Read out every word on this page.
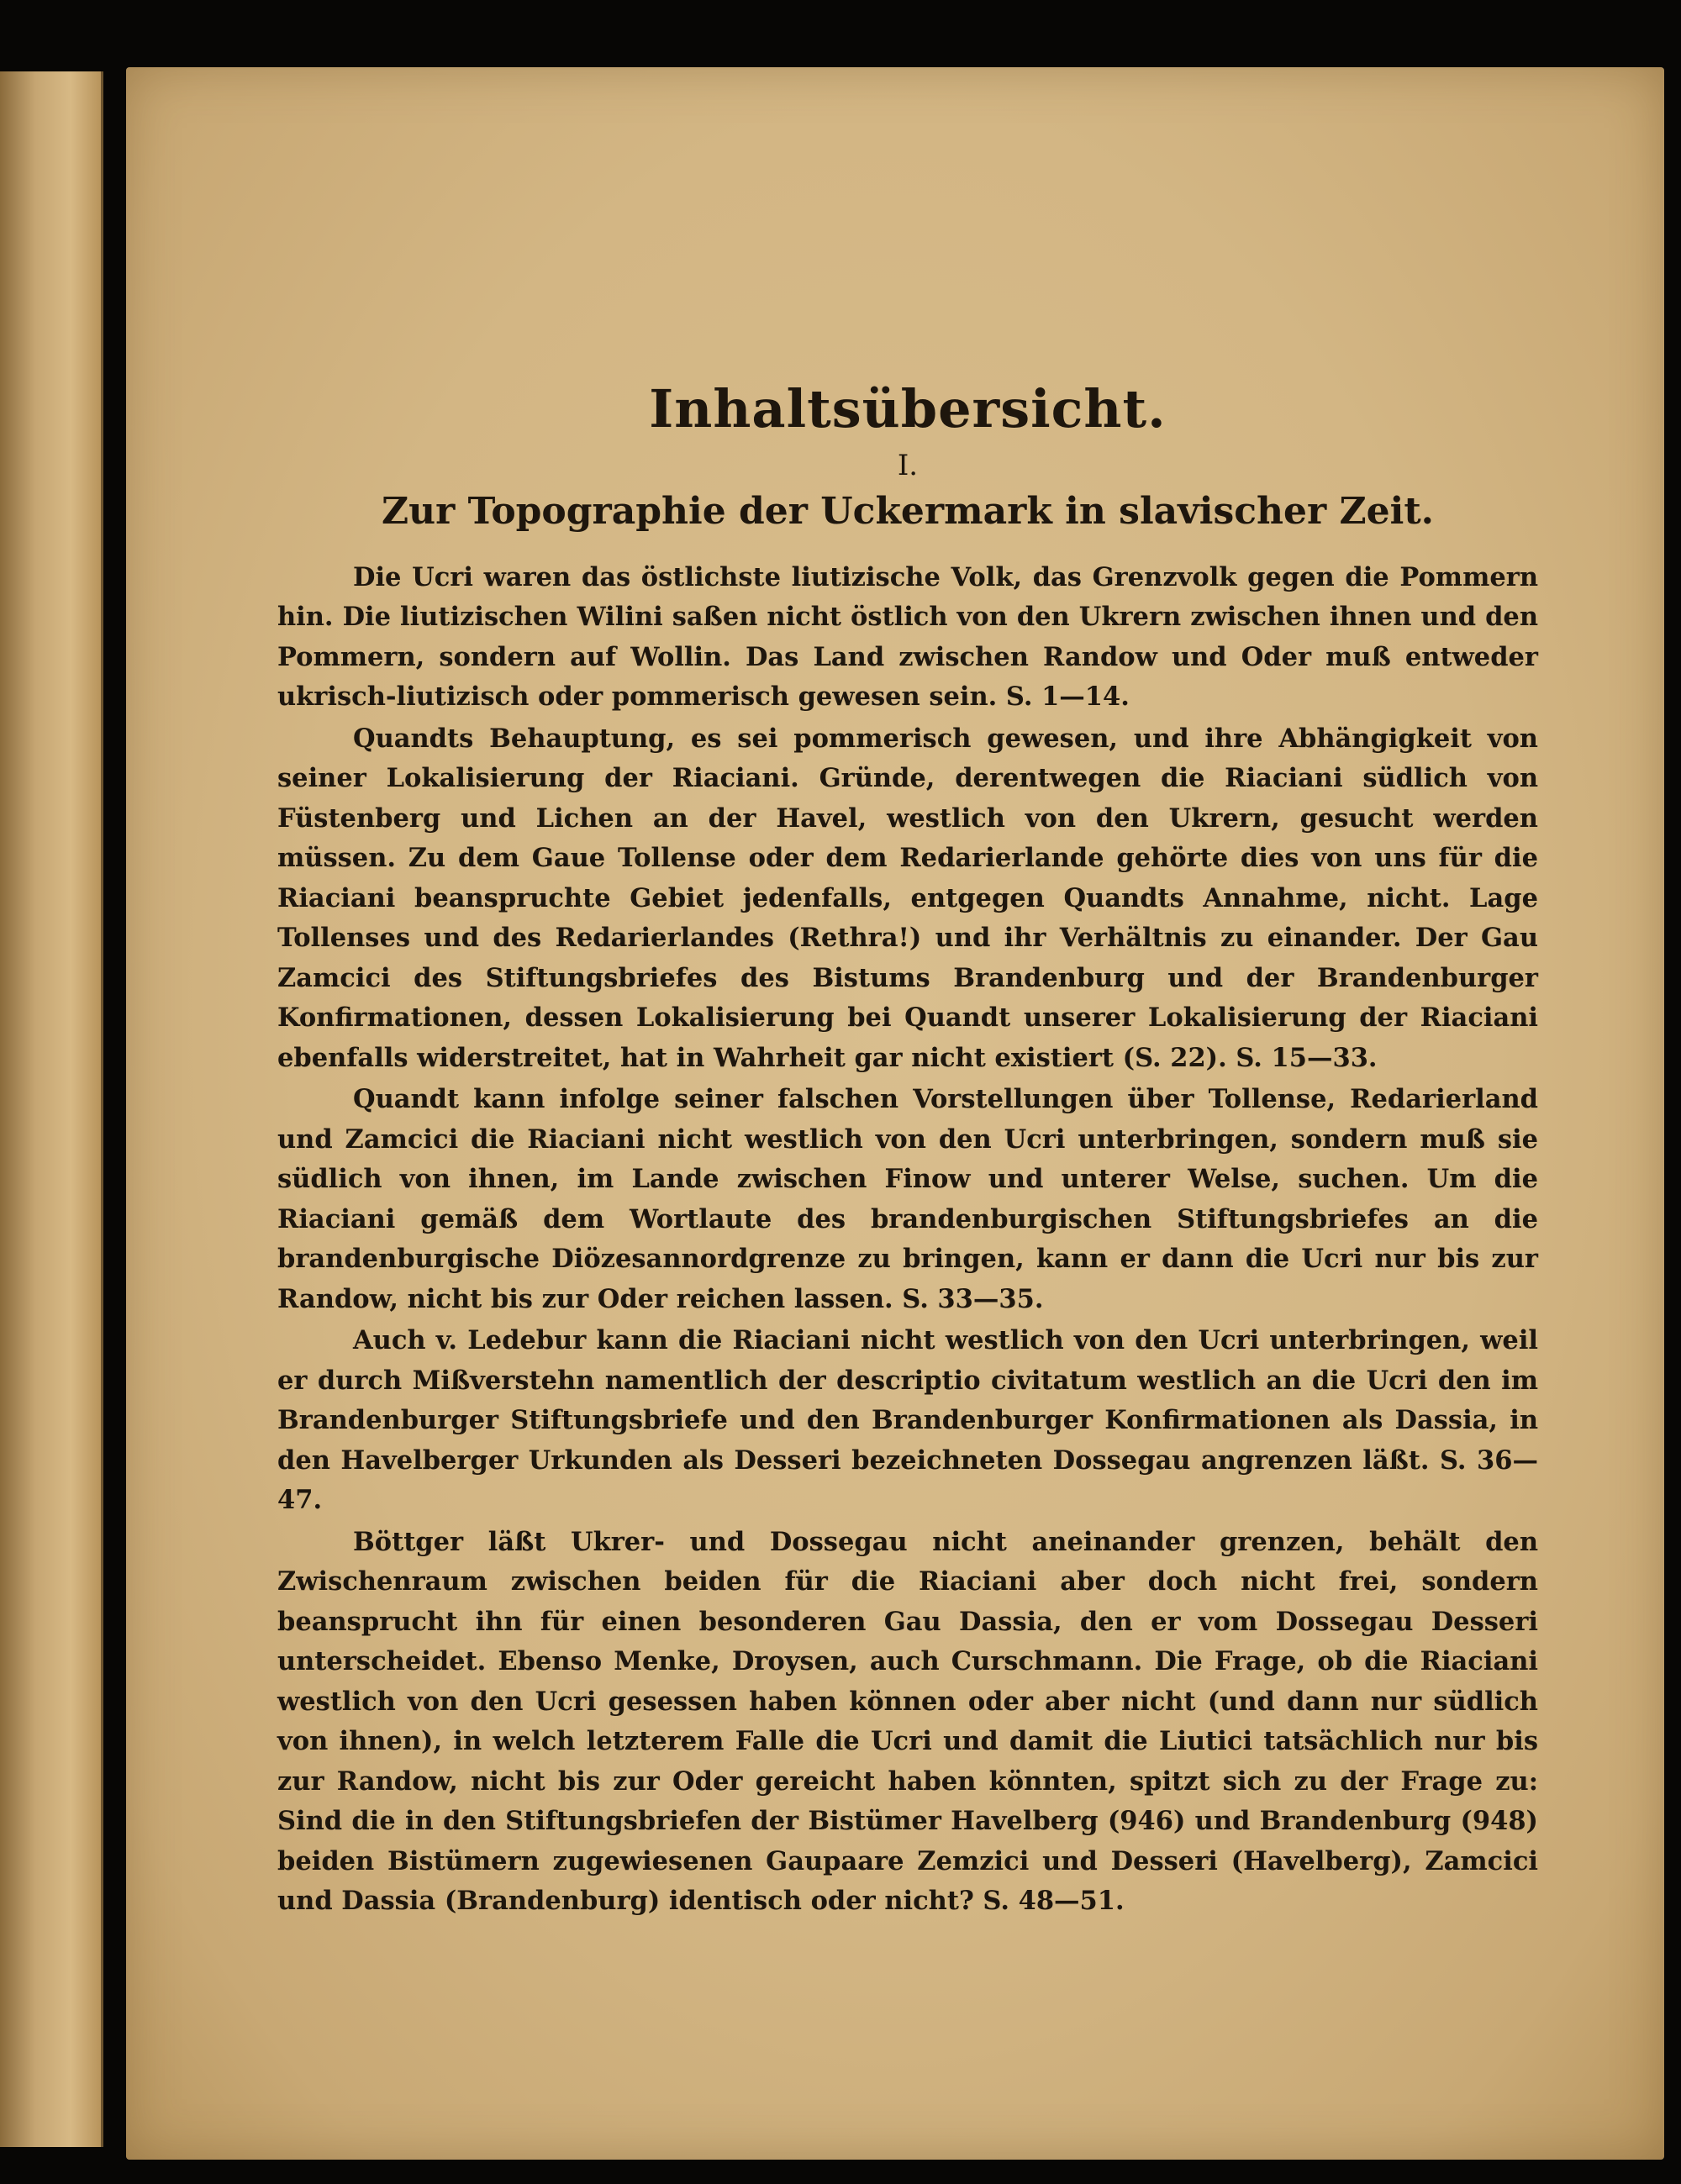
Inhaltsübersicht.
I.
Zur Topographie der Uckermark in slavischer Zeit.

Die Ucri waren das östlichste liutizische Volk, das Grenzvolk gegen die Pommern hin. Die liutizischen Wilini saßen nicht östlich von den Ukrern zwischen ihnen und den Pommern, sondern auf Wollin. Das Land zwischen Randow und Oder muß entweder ukrisch-liutizisch oder pommerisch gewesen sein. S. 1—14.

Quandts Behauptung, es sei pommerisch gewesen, und ihre Abhängigkeit von seiner Lokalisierung der Riaciani. Gründe, derentwegen die Riaciani südlich von Füstenberg und Lichen an der Havel, westlich von den Ukrern, gesucht werden müssen. Zu dem Gaue Tollense oder dem Redarierlande gehörte dies von uns für die Riaciani beanspruchte Gebiet jedenfalls, entgegen Quandts Annahme, nicht. Lage Tollenses und des Redarierlandes (Rethra!) und ihr Verhältnis zu einander. Der Gau Zamcici des Stiftungsbriefes des Bistums Brandenburg und der Brandenburger Konfirmationen, dessen Lokalisierung bei Quandt unserer Lokalisierung der Riaciani ebenfalls widerstreitet, hat in Wahrheit gar nicht existiert (S. 22). S. 15—33.

Quandt kann infolge seiner falschen Vorstellungen über Tollense, Redarierland und Zamcici die Riaciani nicht westlich von den Ucri unterbringen, sondern muß sie südlich von ihnen, im Lande zwischen Finow und unterer Welse, suchen. Um die Riaciani gemäß dem Wortlaute des brandenburgischen Stiftungsbriefes an die brandenburgische Diözesannordgrenze zu bringen, kann er dann die Ucri nur bis zur Randow, nicht bis zur Oder reichen lassen. S. 33—35.

Auch v. Ledebur kann die Riaciani nicht westlich von den Ucri unterbringen, weil er durch Mißverstehn namentlich der descriptio civitatum westlich an die Ucri den im Brandenburger Stiftungsbriefe und den Brandenburger Konfirmationen als Dassia, in den Havelberger Urkunden als Desseri bezeichneten Dossegau angrenzen läßt. S. 36—47.

Böttger läßt Ukrer- und Dossegau nicht aneinander grenzen, behält den Zwischenraum zwischen beiden für die Riaciani aber doch nicht frei, sondern beansprucht ihn für einen besonderen Gau Dassia, den er vom Dossegau Desseri unterscheidet. Ebenso Menke, Droysen, auch Curschmann. Die Frage, ob die Riaciani westlich von den Ucri gesessen haben können oder aber nicht (und dann nur südlich von ihnen), in welch letzterem Falle die Ucri und damit die Liutici tatsächlich nur bis zur Randow, nicht bis zur Oder gereicht haben könnten, spitzt sich zu der Frage zu: Sind die in den Stiftungsbriefen der Bistümer Havelberg (946) und Brandenburg (948) beiden Bistümern zugewiesenen Gaupaare Zemzici und Desseri (Havelberg), Zamcici und Dassia (Brandenburg) identisch oder nicht? S. 48—51.
